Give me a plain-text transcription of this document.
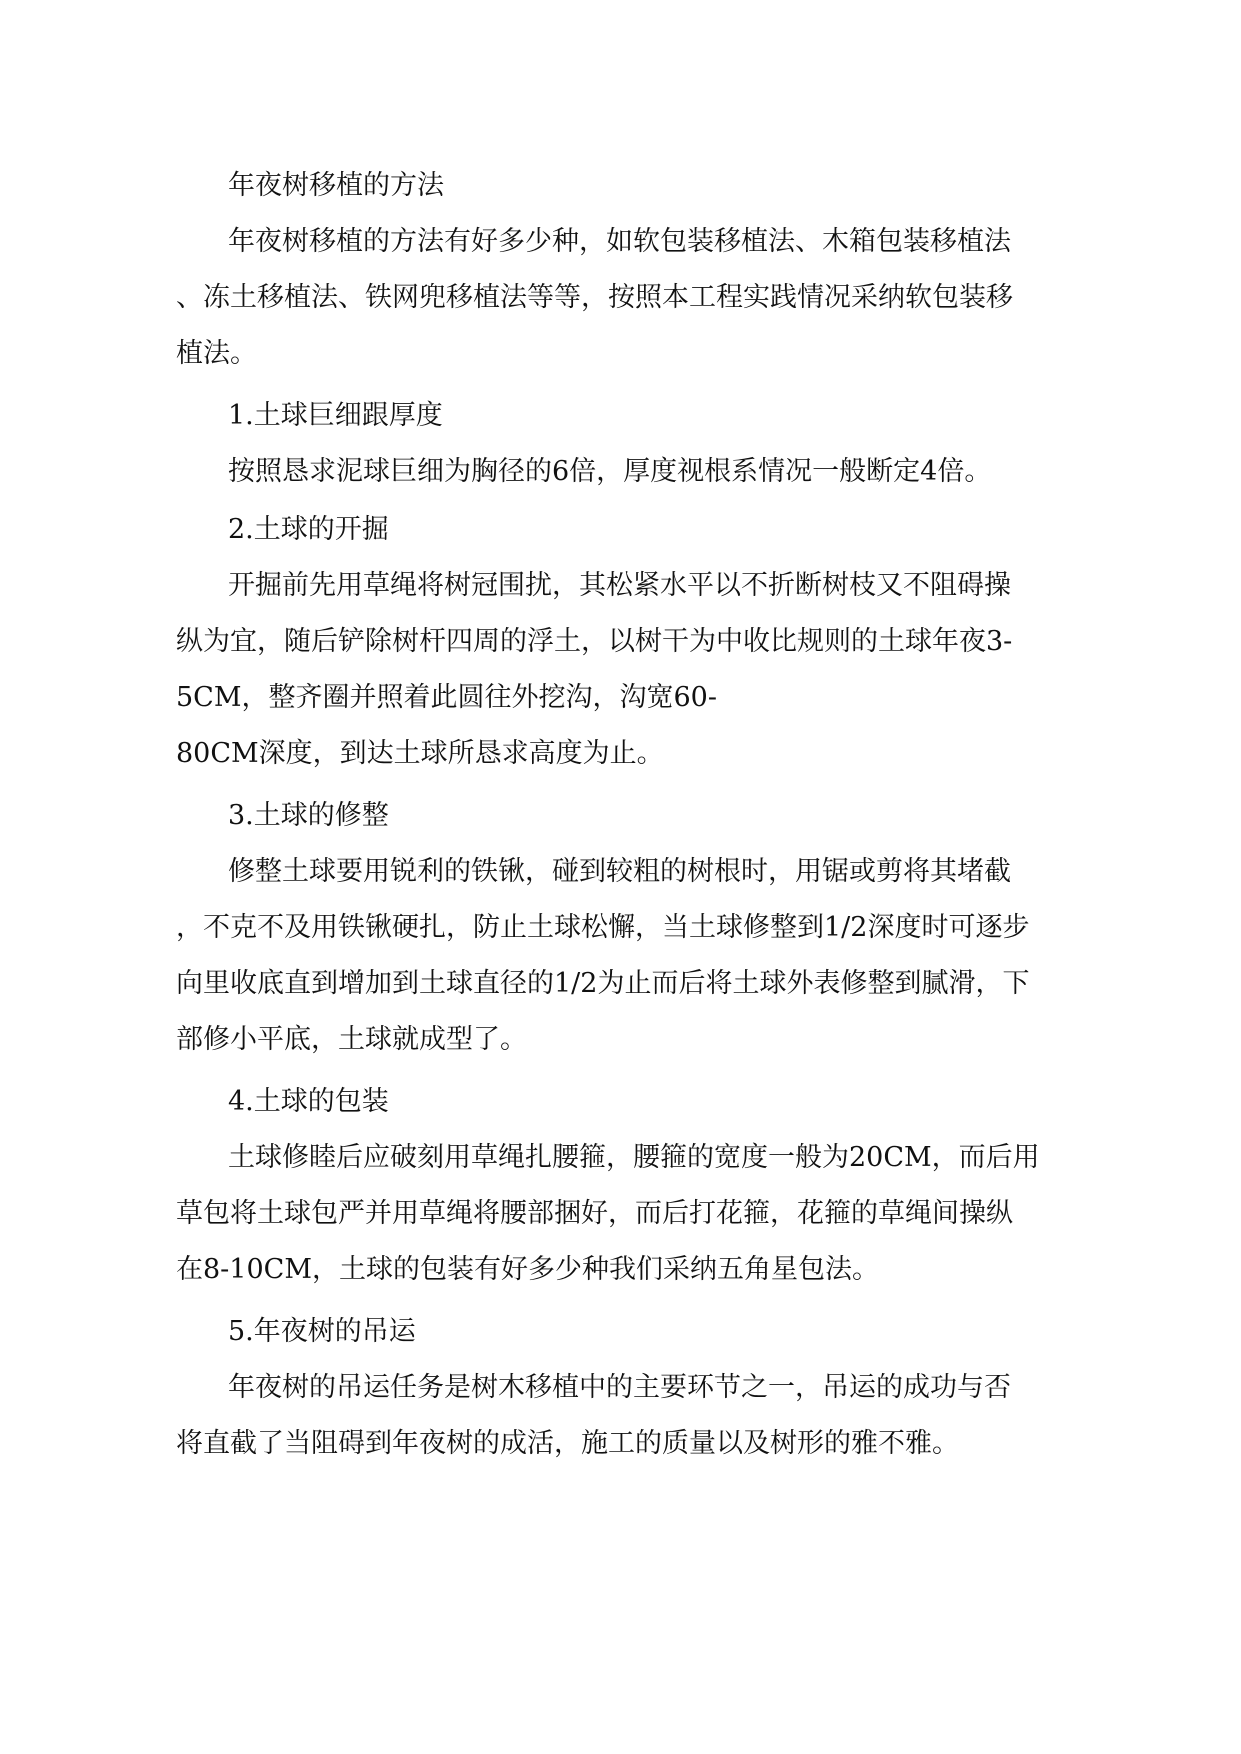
年夜树移植的方法
年夜树移植的方法有好多少种，如软包装移植法、木箱包装移植法
、冻土移植法、铁网兜移植法等等，按照本工程实践情况采纳软包装移
植法。
1.土球巨细跟厚度
按照恳求泥球巨细为胸径的6倍，厚度视根系情况一般断定4倍。
2.土球的开掘
开掘前先用草绳将树冠围扰，其松紧水平以不折断树枝又不阻碍操
纵为宜，随后铲除树杆四周的浮土，以树干为中收比规则的土球年夜3-
5CM，整齐圈并照着此圆往外挖沟，沟宽60-
80CM深度，到达土球所恳求高度为止。
3.土球的修整
修整土球要用锐利的铁锹，碰到较粗的树根时，用锯或剪将其堵截
，不克不及用铁锹硬扎，防止土球松懈，当土球修整到1/2深度时可逐步
向里收底直到增加到土球直径的1/2为止而后将土球外表修整到腻滑，下
部修小平底，土球就成型了。
4.土球的包装
土球修睦后应破刻用草绳扎腰箍，腰箍的宽度一般为20CM，而后用
草包将土球包严并用草绳将腰部捆好，而后打花箍，花箍的草绳间操纵
在8-10CM，土球的包装有好多少种我们采纳五角星包法。
5.年夜树的吊运
年夜树的吊运任务是树木移植中的主要环节之一，吊运的成功与否
将直截了当阻碍到年夜树的成活，施工的质量以及树形的雅不雅。
